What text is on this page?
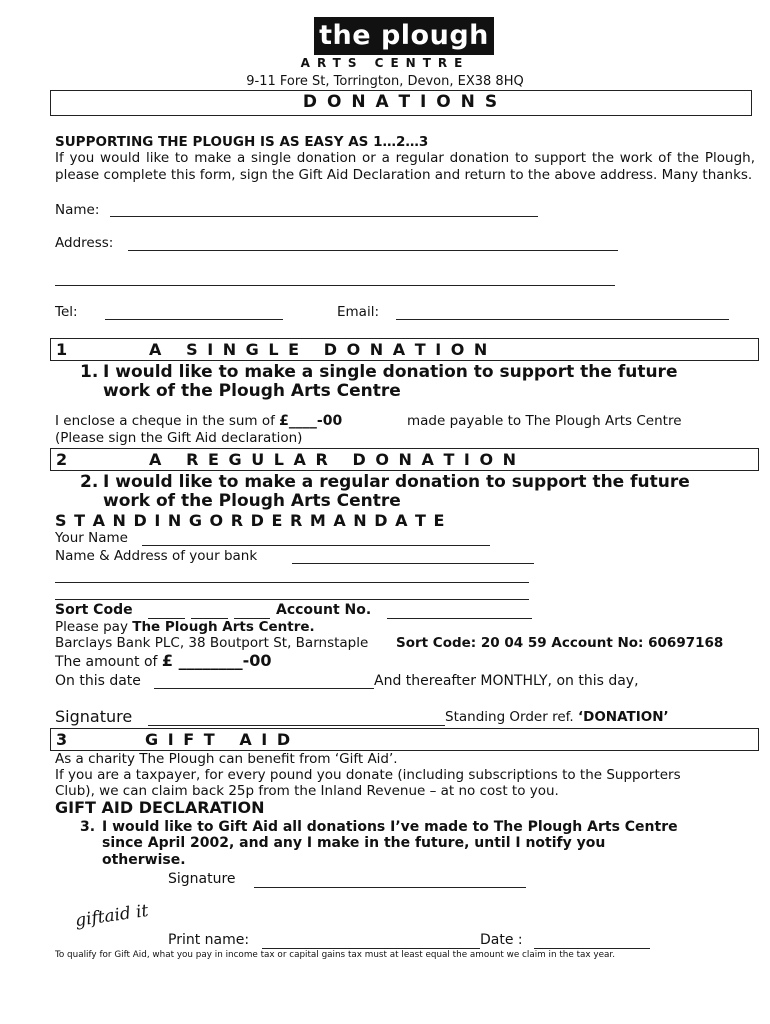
the plough
ARTS CENTRE
9-11 Fore St, Torrington, Devon, EX38 8HQ
D O N A T I O N S
SUPPORTING THE PLOUGH IS AS EASY AS 1…2…3
If you would like to make a single donation or a regular donation to support the work of the Plough, please complete this form, sign the Gift Aid Declaration and return to the above address. Many thanks.
Name:
Address:
Tel:	Email:
1	A   S I N G L E   D O N A T I O N
1. I would like to make a single donation to support the future
work of the Plough Arts Centre
I enclose a cheque in the sum of £____-00	made payable to The Plough Arts Centre
(Please sign the Gift Aid declaration)
2	A   R E G U L A R   D O N A T I O N
2. I would like to make a regular donation to support the future
work of the Plough Arts Centre
S T A N D I N G O R D E R M A N D A T E
Your Name
Name & Address of your bank
Sort Code	Account No.
Please pay The Plough Arts Centre.
Barclays Bank PLC, 38 Boutport St, Barnstaple Sort Code: 20 04 59 Account No: 60697168
The amount of £ ________-00
On this date	And thereafter MONTHLY, on this day,
Signature	Standing Order ref. ‘DONATION’
3	G I F T   A I D
As a charity The Plough can benefit from ‘Gift Aid’.
If you are a taxpayer, for every pound you donate (including subscriptions to the Supporters
Club), we can claim back 25p from the Inland Revenue – at no cost to you.
GIFT AID DECLARATION
3. I would like to Gift Aid all donations I’ve made to The Plough Arts Centre
since April 2002, and any I make in the future, until I notify you
otherwise.
Signature
giftaid it
Print name:	Date :
To qualify for Gift Aid, what you pay in income tax or capital gains tax must at least equal the amount we claim in the tax year.
